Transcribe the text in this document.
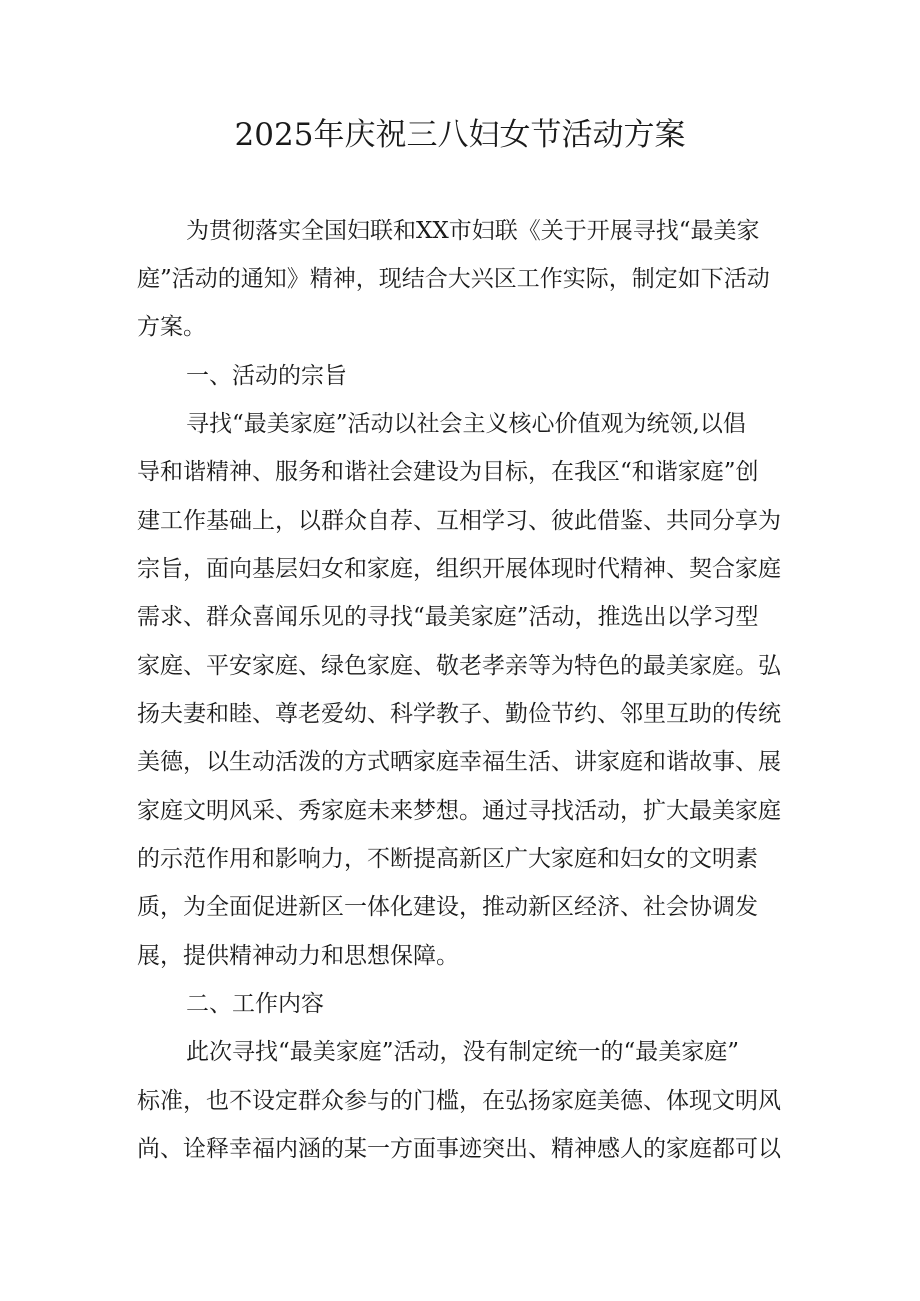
2025年庆祝三八妇女节活动方案

为贯彻落实全国妇联和XX市妇联《关于开展寻找“最美家

庭”活动的通知》精神，现结合大兴区工作实际，制定如下活动

方案。

一、活动的宗旨

寻找“最美家庭”活动以社会主义核心价值观为统领,以倡

导和谐精神、服务和谐社会建设为目标，在我区“和谐家庭”创

建工作基础上，以群众自荐、互相学习、彼此借鉴、共同分享为

宗旨，面向基层妇女和家庭，组织开展体现时代精神、契合家庭

需求、群众喜闻乐见的寻找“最美家庭”活动，推选出以学习型

家庭、平安家庭、绿色家庭、敬老孝亲等为特色的最美家庭。弘

扬夫妻和睦、尊老爱幼、科学教子、勤俭节约、邻里互助的传统

美德，以生动活泼的方式晒家庭幸福生活、讲家庭和谐故事、展

家庭文明风采、秀家庭未来梦想。通过寻找活动，扩大最美家庭

的示范作用和影响力，不断提高新区广大家庭和妇女的文明素

质，为全面促进新区一体化建设，推动新区经济、社会协调发

展，提供精神动力和思想保障。

二、工作内容

此次寻找“最美家庭”活动，没有制定统一的“最美家庭”

标准，也不设定群众参与的门槛，在弘扬家庭美德、体现文明风

尚、诠释幸福内涵的某一方面事迹突出、精神感人的家庭都可以
